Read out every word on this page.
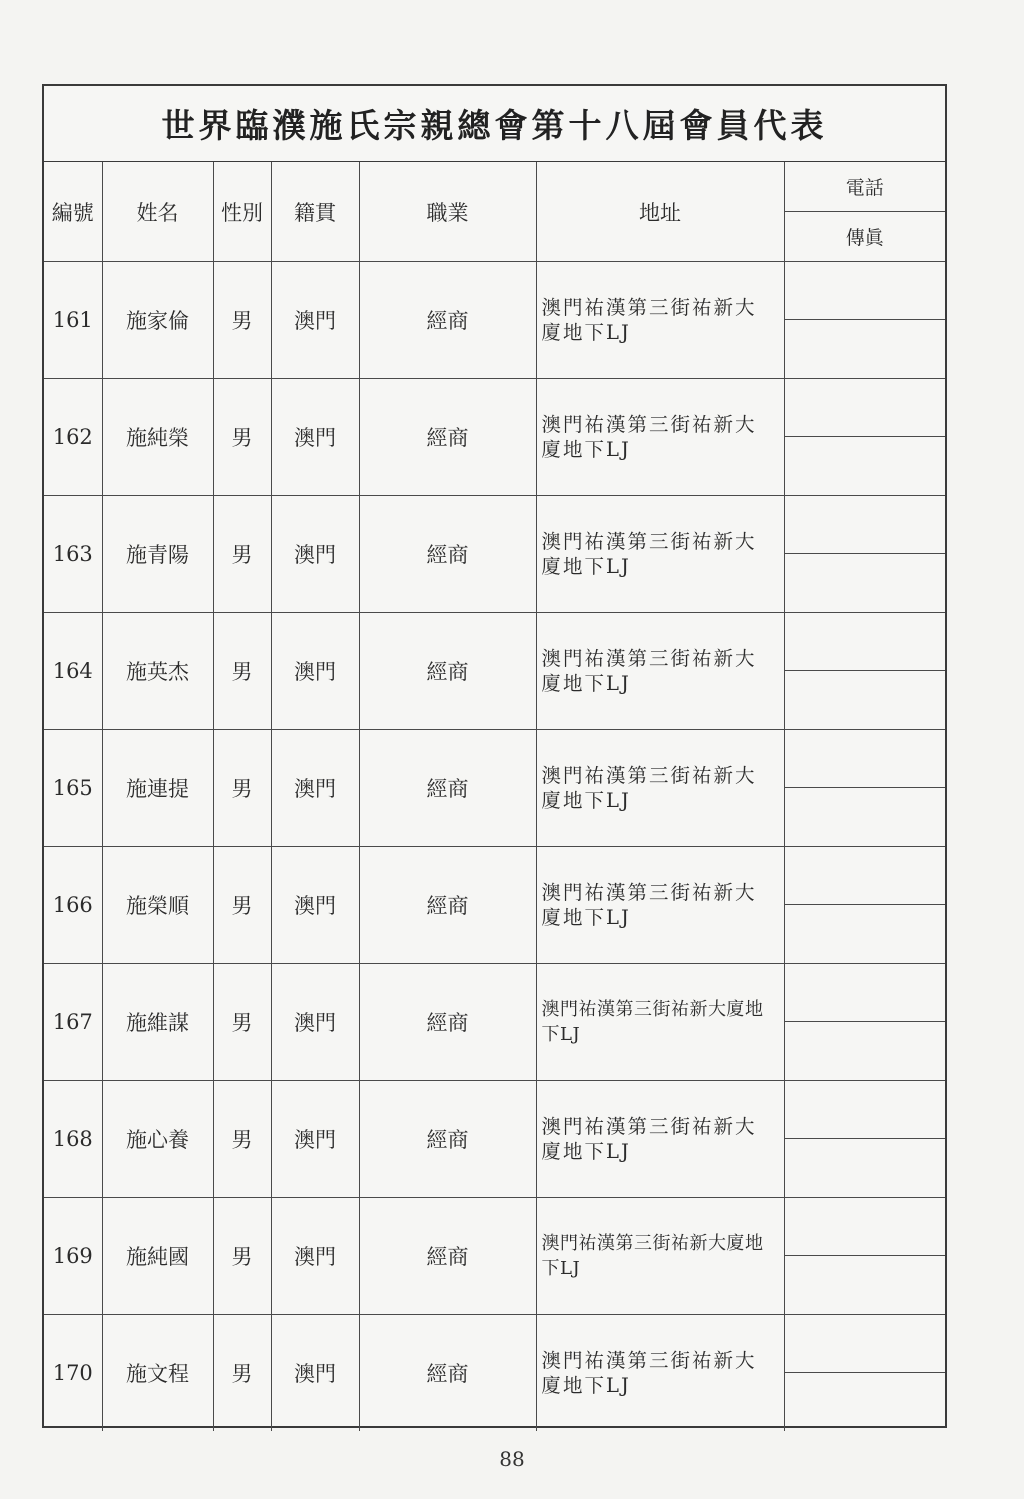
世界臨濮施氏宗親總會第十八屆會員代表
編號	姓名	性別	籍貫	職業	地址	電話
						傳眞
161	施家倫	男	澳門	經商	澳門祐漢第三街祐新大廈地下LJ	

162	施純榮	男	澳門	經商	澳門祐漢第三街祐新大廈地下LJ	

163	施青陽	男	澳門	經商	澳門祐漢第三街祐新大廈地下LJ	

164	施英杰	男	澳門	經商	澳門祐漢第三街祐新大廈地下LJ	

165	施連提	男	澳門	經商	澳門祐漢第三街祐新大廈地下LJ	

166	施榮順	男	澳門	經商	澳門祐漢第三街祐新大廈地下LJ	

167	施維謀	男	澳門	經商	澳門祐漢第三街祐新大廈地下LJ	

168	施心養	男	澳門	經商	澳門祐漢第三街祐新大廈地下LJ	

169	施純國	男	澳門	經商	澳門祐漢第三街祐新大廈地下LJ	

170	施文程	男	澳門	經商	澳門祐漢第三街祐新大廈地下LJ	
88
